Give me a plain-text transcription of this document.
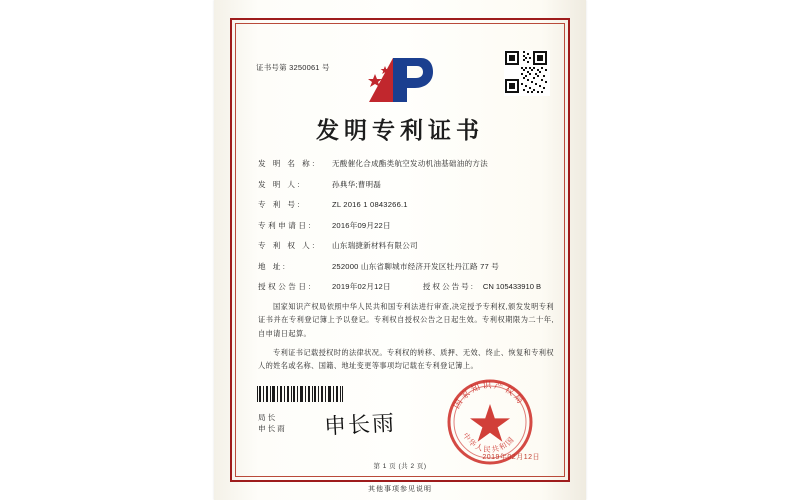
证书号第 3250061 号
发明专利证书
发 明 名 称:	无酸催化合成酯类航空发动机油基础油的方法
发 明 人:	孙典华;曹明磊
专 利 号:	ZL 2016 1 0843266.1
专利申请日:	2016年09月22日
专 利 权 人:	山东瑞捷新材料有限公司
地 址:	252000 山东省聊城市经济开发区牡丹江路 77 号
授权公告日:	2019年02月12日	授权公告号: CN 105433910 B

国家知识产权局依照中华人民共和国专利法进行审查,决定授予专利权,颁发发明专利证书并在专利登记簿上予以登记。专利权自授权公告之日起生效。专利权期限为二十年,自申请日起算。

专利证书记载授权时的法律状况。专利权的转移、质押、无效、终止、恢复和专利权人的姓名或名称、国籍、地址变更等事项均记载在专利登记簿上。

局长
申长雨 申长雨
国家知识产权局
中华人民共和国
2019年02月12日
第 1 页 (共 2 页)
其他事项参见说明
